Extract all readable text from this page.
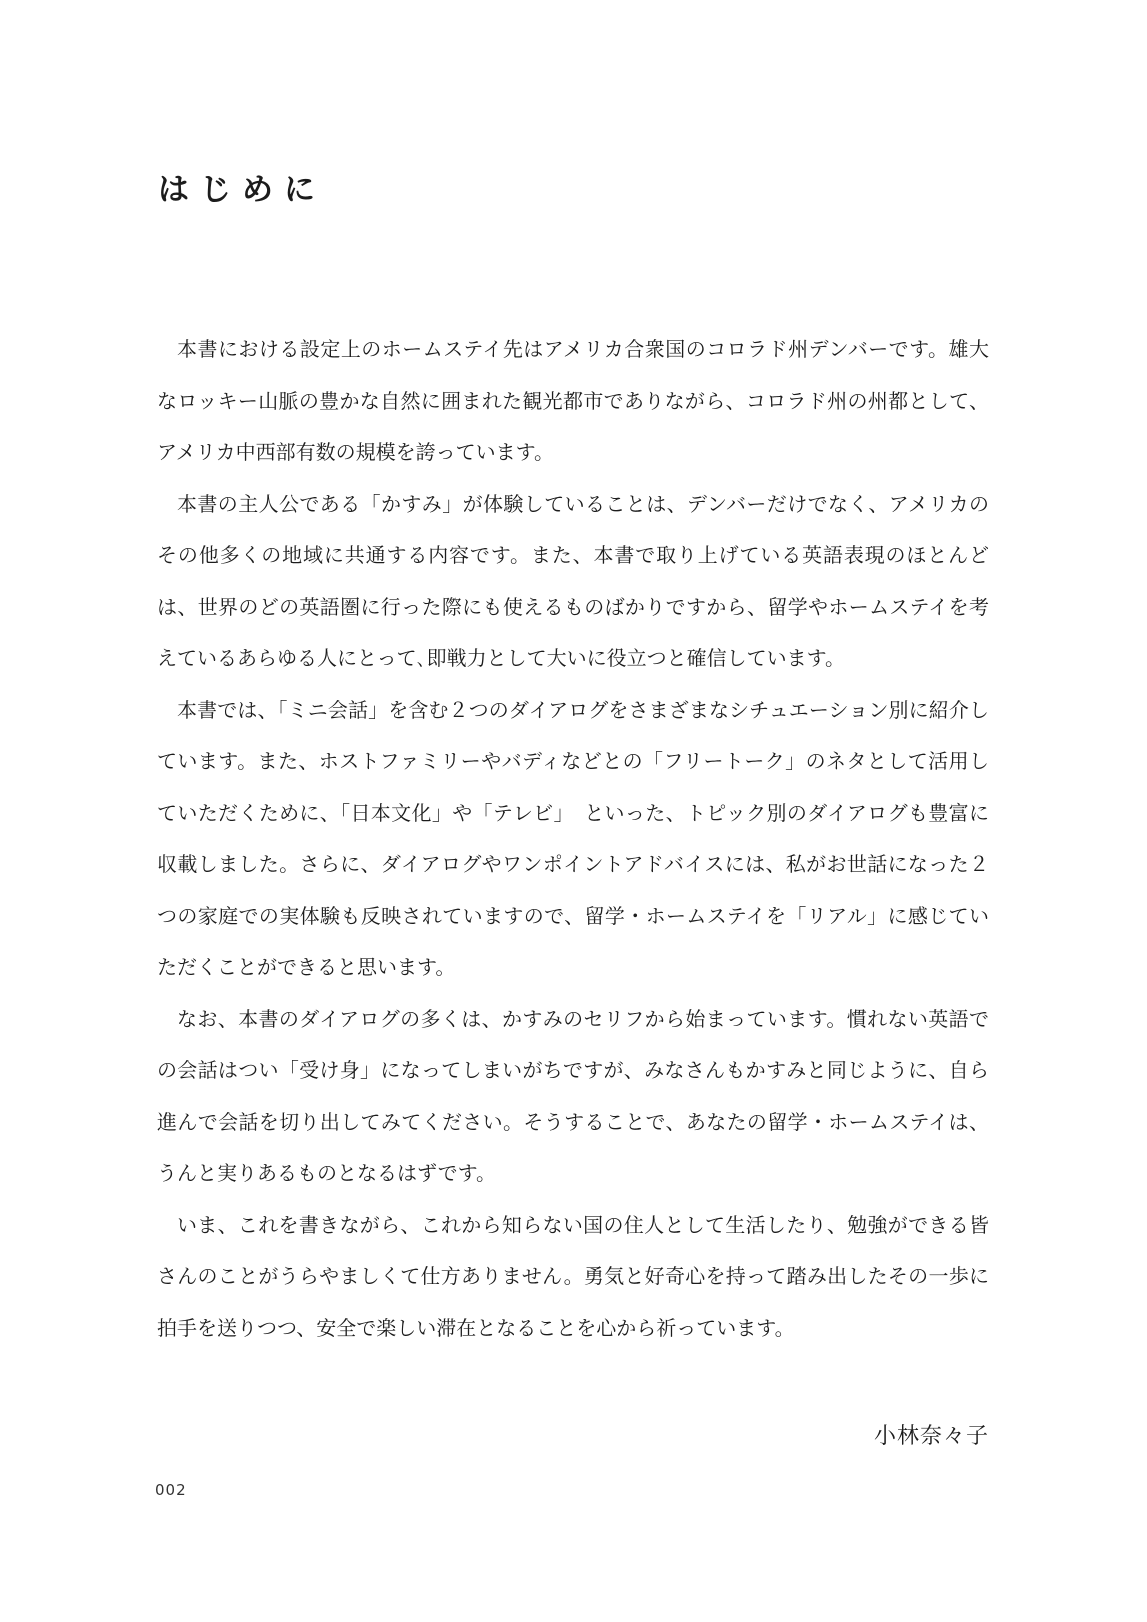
はじめに

本書における設定上のホームステイ先はアメリカ合衆国のコロラド州デンバーです。雄大なロッキー山脈の豊かな自然に囲まれた観光都市でありながら、コロラド州の州都として、アメリカ中西部有数の規模を誇っています。

本書の主人公である「かすみ」が体験していることは、デンバーだけでなく、アメリカのその他多くの地域に共通する内容です。また、本書で取り上げている英語表現のほとんどは、世界のどの英語圏に行った際にも使えるものばかりですから、留学やホームステイを考えているあらゆる人にとって､即戦力として大いに役立つと確信しています。

本書では、「ミニ会話」を含む２つのダイアログをさまざまなシチュエーション別に紹介しています。また、ホストファミリーやバディなどとの「フリートーク」のネタとして活用していただくために、「日本文化」や「テレビ」　といった、トピック別のダイアログも豊富に収載しました。さらに、ダイアログやワンポイントアドバイスには、私がお世話になった２つの家庭での実体験も反映されていますので、留学・ホームステイを「リアル」に感じていただくことができると思います。

なお、本書のダイアログの多くは、かすみのセリフから始まっています。慣れない英語での会話はつい「受け身」になってしまいがちですが、みなさんもかすみと同じように、自ら進んで会話を切り出してみてください。そうすることで、あなたの留学・ホームステイは、うんと実りあるものとなるはずです。

いま、これを書きながら、これから知らない国の住人として生活したり、勉強ができる皆さんのことがうらやましくて仕方ありません。勇気と好奇心を持って踏み出したその一歩に拍手を送りつつ、安全で楽しい滞在となることを心から祈っています。

小林奈々子

002
